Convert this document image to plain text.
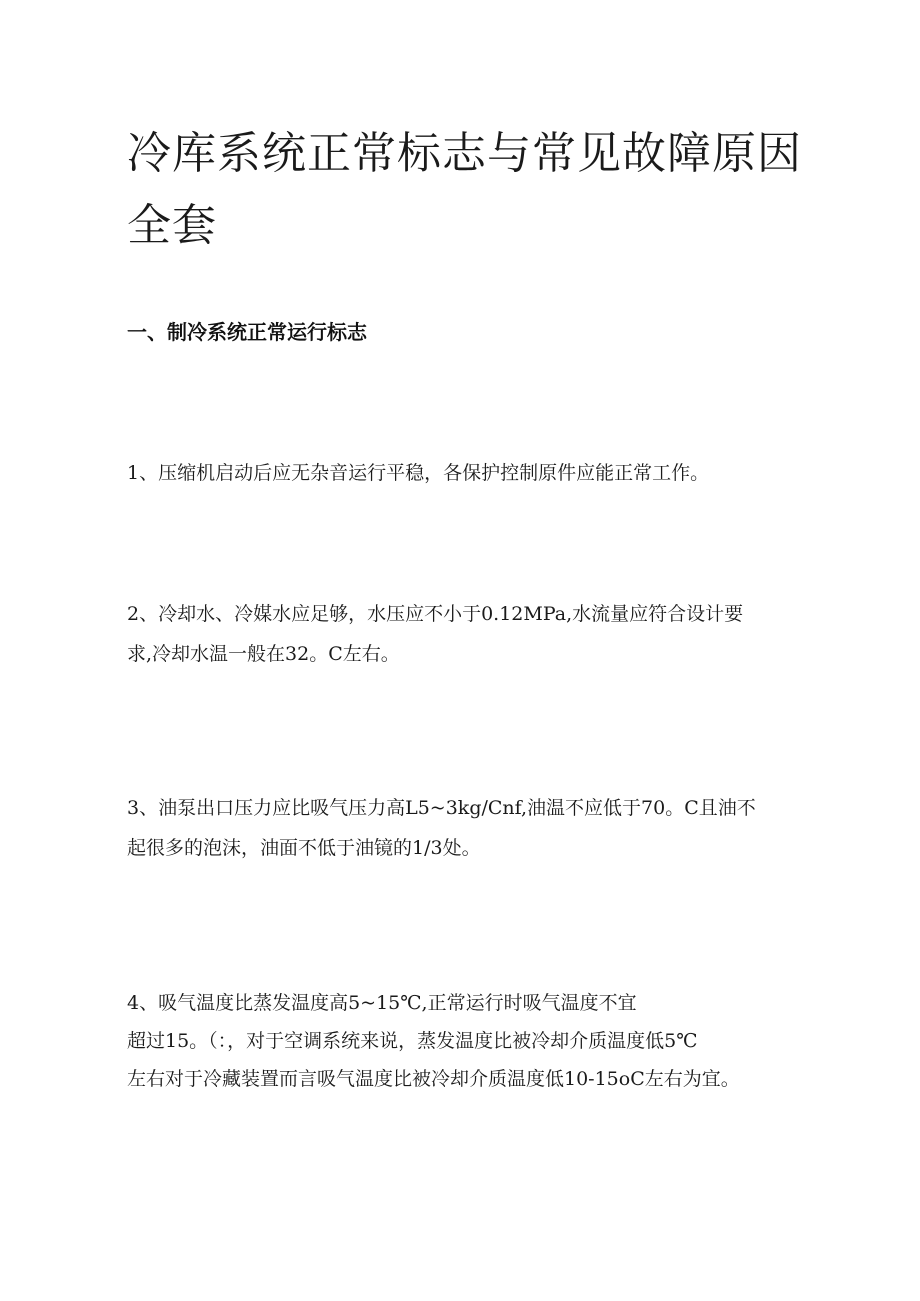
冷库系统正常标志与常见故障原因
全套
一、制冷系统正常运行标志

1、压缩机启动后应无杂音运行平稳，各保护控制原件应能正常工作。

2、冷却水、冷媒水应足够，水压应不小于0.12MPa,水流量应符合设计要
求,冷却水温一般在32。C左右。

3、油泵出口压力应比吸气压力高L5~3kg∕Cnf,油温不应低于70。C且油不
起很多的泡沫，油面不低于油镜的1/3处。

4、吸气温度比蒸发温度高5~15℃,正常运行时吸气温度不宜
超过15。（：，对于空调系统来说，蒸发温度比被冷却介质温度低5℃
左右对于冷藏装置而言吸气温度比被冷却介质温度低10-15oC左右为宜。
